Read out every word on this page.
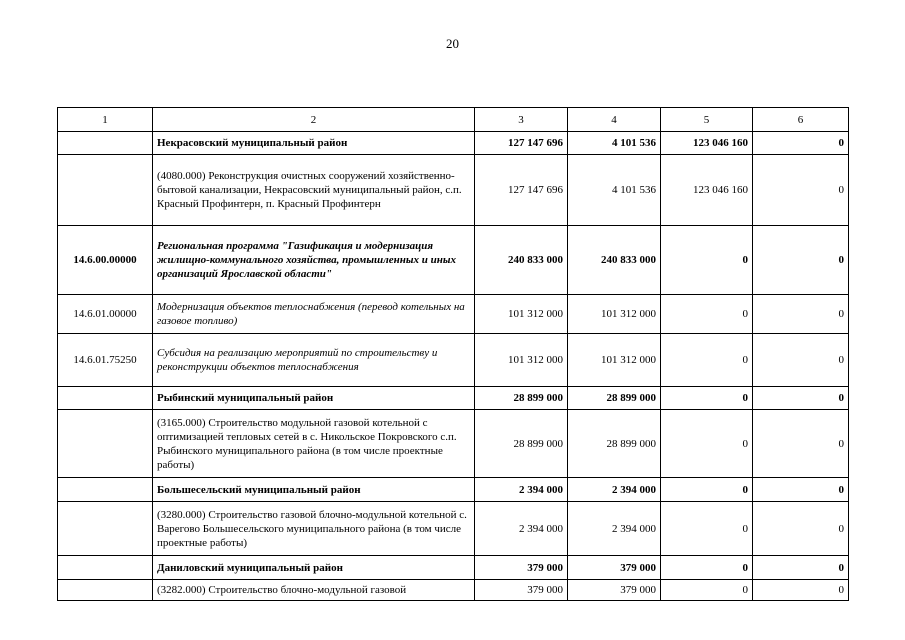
20
1	2	3	4	5	6
	Некрасовский муниципальный район	127 147 696	4 101 536	123 046 160	0
	(4080.000) Реконструкция очистных сооружений хозяйственно-бытовой канализации, Некрасовский муниципальный район, с.п. Красный Профинтерн, п. Красный Профинтерн	127 147 696	4 101 536	123 046 160	0
14.6.00.00000	Региональная программа "Газификация и модернизация жилищно-коммунального хозяйства, промышленных и иных организаций Ярославской области"	240 833 000	240 833 000	0	0
14.6.01.00000	Модернизация объектов теплоснабжения (перевод котельных на газовое топливо)	101 312 000	101 312 000	0	0
14.6.01.75250	Субсидия на реализацию мероприятий по строительству и реконструкции объектов теплоснабжения	101 312 000	101 312 000	0	0
	Рыбинский муниципальный район	28 899 000	28 899 000	0	0
	(3165.000) Строительство модульной газовой котельной с оптимизацией тепловых сетей в с. Никольское Покровского с.п. Рыбинского муниципального района (в том числе проектные работы)	28 899 000	28 899 000	0	0
	Большесельский муниципальный район	2 394 000	2 394 000	0	0
	(3280.000) Строительство газовой блочно-модульной котельной с. Варегово Большесельского муниципального района (в том числе проектные работы)	2 394 000	2 394 000	0	0
	Даниловский муниципальный район	379 000	379 000	0	0
	(3282.000) Строительство блочно-модульной газовой	379 000	379 000	0	0
